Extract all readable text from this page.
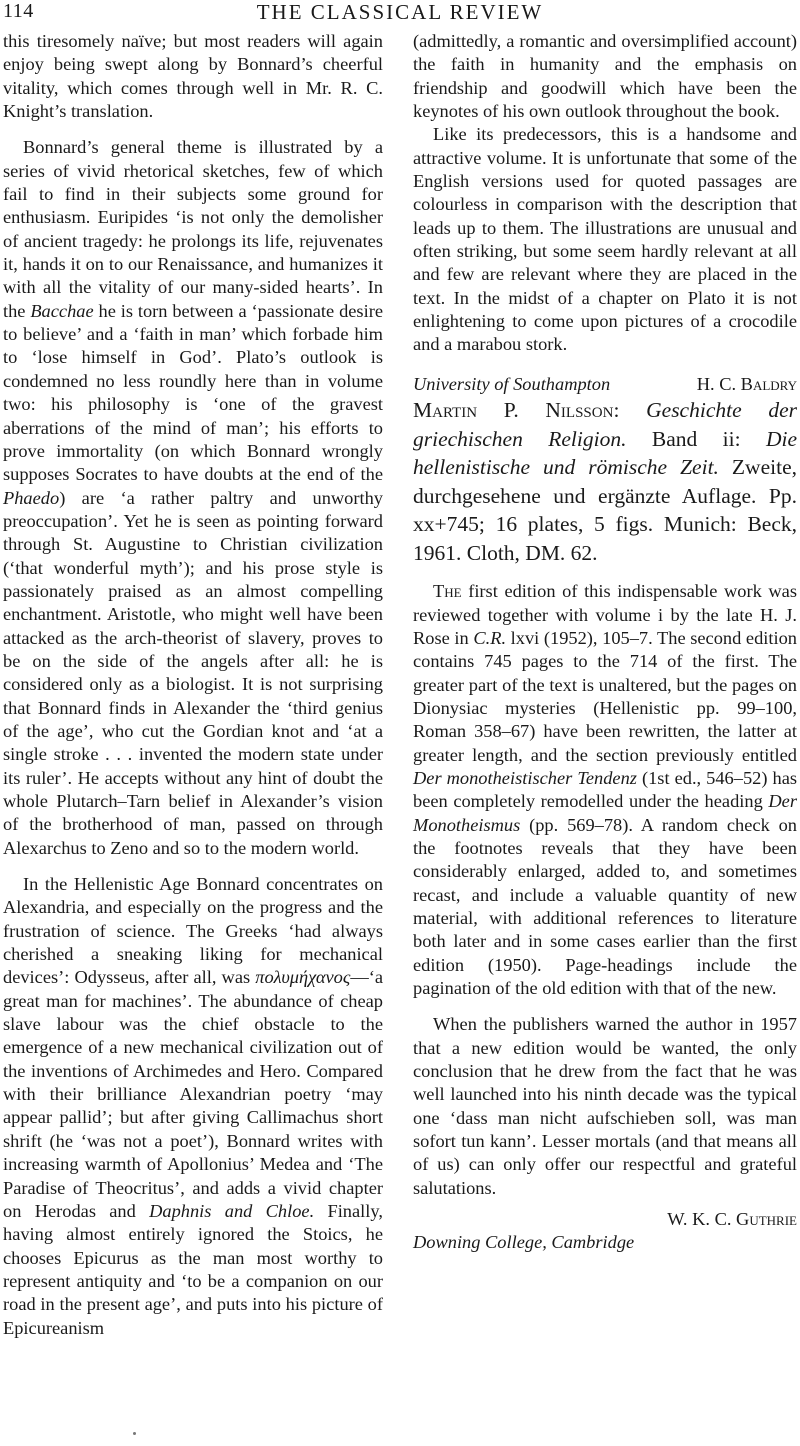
114	THE CLASSICAL REVIEW

this tiresomely naïve; but most readers will again enjoy being swept along by Bonnard’s cheerful vitality, which comes through well in Mr. R. C. Knight’s translation.

Bonnard’s general theme is illustrated by a series of vivid rhetorical sketches, few of which fail to find in their subjects some ground for enthusiasm. Euripides ‘is not only the demolisher of ancient tragedy: he prolongs its life, rejuvenates it, hands it on to our Renaissance, and humanizes it with all the vitality of our many-sided hearts’. In the Bacchae he is torn between a ‘passionate desire to believe’ and a ‘faith in man’ which forbade him to ‘lose himself in God’. Plato’s outlook is condemned no less roundly here than in volume two: his philosophy is ‘one of the gravest aberrations of the mind of man’; his efforts to prove immortality (on which Bonnard wrongly supposes Socrates to have doubts at the end of the Phaedo) are ‘a rather paltry and unworthy preoccupation’. Yet he is seen as pointing forward through St. Augustine to Christian civilization (‘that wonderful myth’); and his prose style is passionately praised as an almost compelling enchantment. Aristotle, who might well have been attacked as the arch-theorist of slavery, proves to be on the side of the angels after all: he is considered only as a biologist. It is not surprising that Bonnard finds in Alexander the ‘third genius of the age’, who cut the Gordian knot and ‘at a single stroke . . . invented the modern state under its ruler’. He accepts without any hint of doubt the whole Plutarch–Tarn belief in Alexander’s vision of the brotherhood of man, passed on through Alexarchus to Zeno and so to the modern world.

In the Hellenistic Age Bonnard concentrates on Alexandria, and especially on the progress and the frustration of science. The Greeks ‘had always cherished a sneaking liking for mechanical devices’: Odysseus, after all, was πολυμήχανος—‘a great man for machines’. The abundance of cheap slave labour was the chief obstacle to the emergence of a new mechanical civilization out of the inventions of Archimedes and Hero. Compared with their brilliance Alexandrian poetry ‘may appear pallid’; but after giving Callimachus short shrift (he ‘was not a poet’), Bonnard writes with increasing warmth of Apollonius’ Medea and ‘The Paradise of Theocritus’, and adds a vivid chapter on Herodas and Daphnis and Chloe. Finally, having almost entirely ignored the Stoics, he chooses Epicurus as the man most worthy to represent antiquity and ‘to be a companion on our road in the present age’, and puts into his picture of Epicureanism

(admittedly, a romantic and oversimplified account) the faith in humanity and the emphasis on friendship and goodwill which have been the keynotes of his own outlook throughout the book.

Like its predecessors, this is a handsome and attractive volume. It is unfortunate that some of the English versions used for quoted passages are colourless in comparison with the description that leads up to them. The illustrations are unusual and often striking, but some seem hardly relevant at all and few are relevant where they are placed in the text. In the midst of a chapter on Plato it is not enlightening to come upon pictures of a crocodile and a marabou stork.

University of Southampton	H. C. Baldry

Martin P. Nilsson: Geschichte der griechischen Religion. Band ii: Die hellenistische und römische Zeit. Zweite, durchgesehene und ergänzte Auflage. Pp. xx+745; 16 plates, 5 figs. Munich: Beck, 1961. Cloth, DM. 62.

The first edition of this indispensable work was reviewed together with volume i by the late H. J. Rose in C.R. lxvi (1952), 105–7. The second edition contains 745 pages to the 714 of the first. The greater part of the text is unaltered, but the pages on Dionysiac mysteries (Hellenistic pp. 99–100, Roman 358–67) have been rewritten, the latter at greater length, and the section previously entitled Der monotheistischer Tendenz (1st ed., 546–52) has been completely remodelled under the heading Der Monotheismus (pp. 569–78). A random check on the footnotes reveals that they have been considerably enlarged, added to, and sometimes recast, and include a valuable quantity of new material, with additional references to literature both later and in some cases earlier than the first edition (1950). Page-headings include the pagination of the old edition with that of the new.

When the publishers warned the author in 1957 that a new edition would be wanted, the only conclusion that he drew from the fact that he was well launched into his ninth decade was the typical one ‘dass man nicht aufschieben soll, was man sofort tun kann’. Lesser mortals (and that means all of us) can only offer our respectful and grateful salutations.

W. K. C. Guthrie
Downing College, Cambridge
